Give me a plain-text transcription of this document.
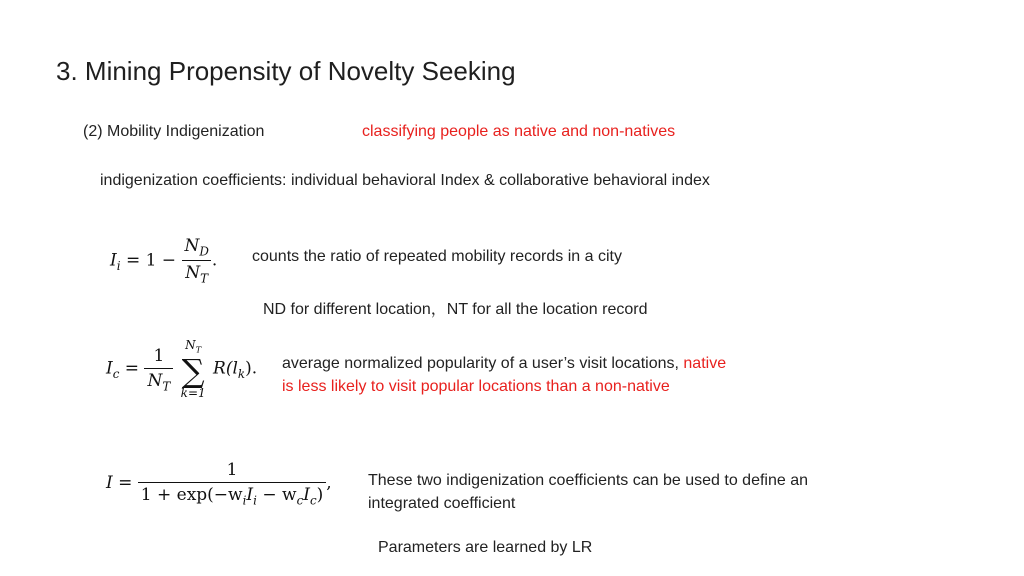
3. Mining Propensity of Novelty Seeking
(2) Mobility Indigenization	classifying people as native and non-natives
indigenization coefficients: individual behavioral Index & collaborative behavioral index
$I_i = 1 - \frac{N_D}{N_T}$ . counts the ratio of repeated mobility records in a city
ND for different location，NT for all the location record
$I_c = \frac{1}{N_T}$

$N_T$
∑
k=1
$R(l_k)$. average normalized popularity of a user’s visit locations, native
is less likely to visit popular locations than a non-native
$I = \frac{1}{1 + \exp(-w_iI_i - w_cI_c)}$ , These two indigenization coefficients can be used to define an
integrated coefficient
Parameters are learned by LR
